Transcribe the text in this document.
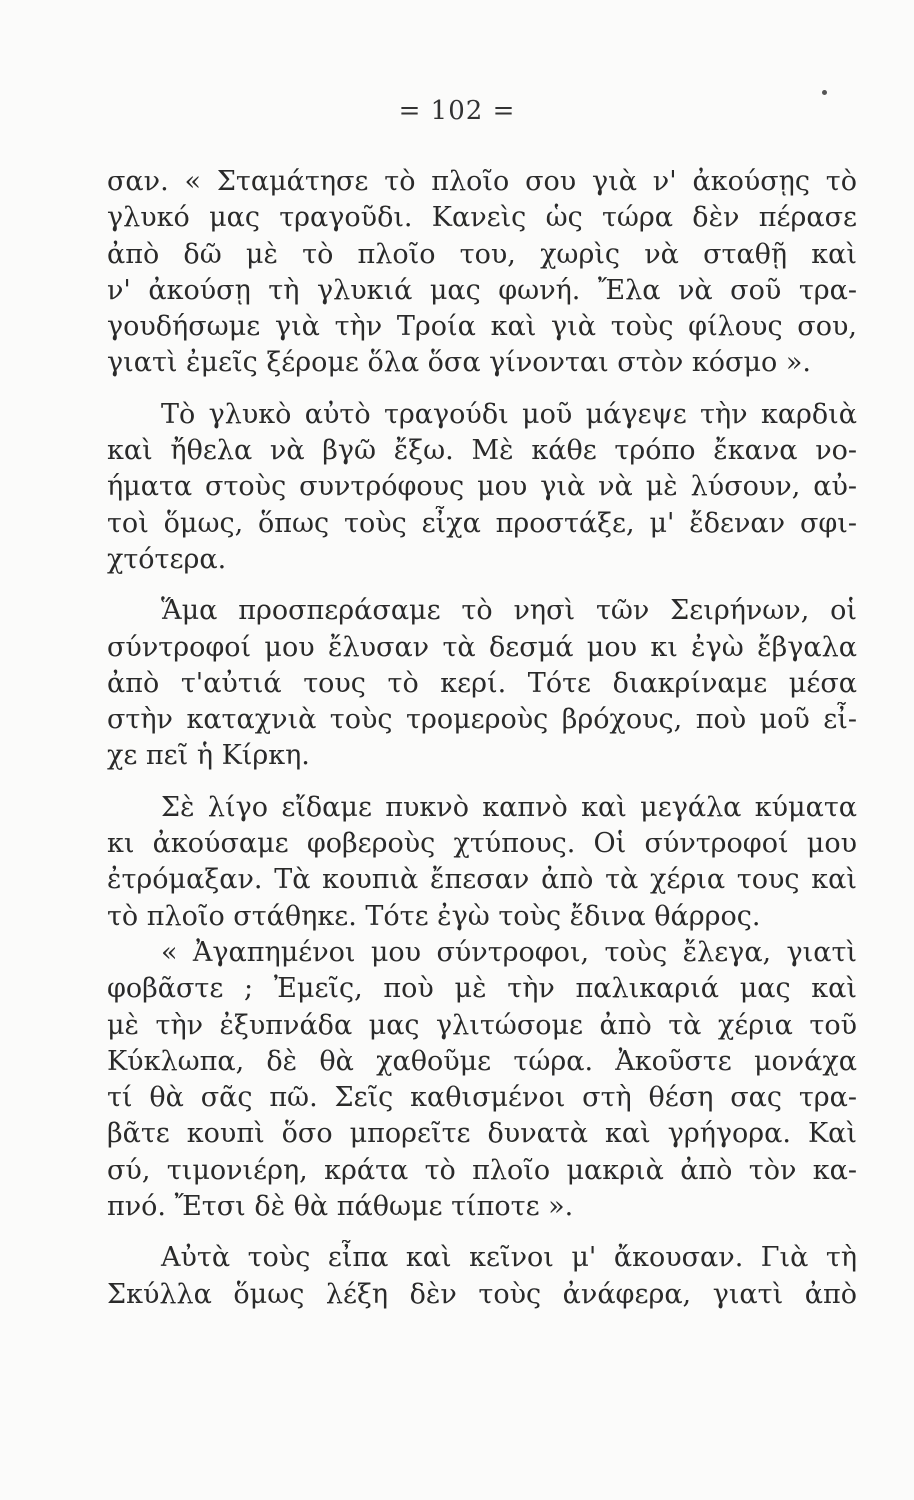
= 102 =
σαν. « Σταμάτησε τὸ πλοῖο σου γιὰ ν' ἀκούσῃς τὸ
γλυκό μας τραγοῦδι. Κανεὶς ὡς τώρα δὲν πέρασε
ἀπὸ δῶ μὲ τὸ πλοῖο του, χωρὶς νὰ σταθῇ καὶ
ν' ἀκούσῃ τὴ γλυκιά μας φωνή. Ἔλα νὰ σοῦ τρα-
γουδήσωμε γιὰ τὴν Τροία καὶ γιὰ τοὺς φίλους σου,
γιατὶ ἐμεῖς ξέρομε ὅλα ὅσα γίνονται στὸν κόσμο ».
Τὸ γλυκὸ αὐτὸ τραγούδι μοῦ μάγεψε τὴν καρδιὰ
καὶ ἤθελα νὰ βγῶ ἔξω. Μὲ κάθε τρόπο ἔκανα νο-
ήματα στοὺς συντρόφους μου γιὰ νὰ μὲ λύσουν, αὐ-
τοὶ ὅμως, ὅπως τοὺς εἶχα προστάξε, μ' ἔδεναν σφι-
χτότερα.
Ἅμα προσπεράσαμε τὸ νησὶ τῶν Σειρήνων, οἱ
σύντροφοί μου ἔλυσαν τὰ δεσμά μου κι ἐγὼ ἔβγαλα
ἀπὸ τ'αὐτιά τους τὸ κερί. Τότε διακρίναμε μέσα
στὴν καταχνιὰ τοὺς τρομεροὺς βρόχους, ποὺ μοῦ εἶ-
χε πεῖ ἡ Κίρκη.
Σὲ λίγο εἴδαμε πυκνὸ καπνὸ καὶ μεγάλα κύματα
κι ἀκούσαμε φοβεροὺς χτύπους. Οἱ σύντροφοί μου
ἐτρόμαξαν. Τὰ κουπιὰ ἔπεσαν ἀπὸ τὰ χέρια τους καὶ
τὸ πλοῖο στάθηκε. Τότε ἐγὼ τοὺς ἔδινα θάρρος.
« Ἀγαπημένοι μου σύντροφοι, τοὺς ἔλεγα, γιατὶ
φοβᾶστε ; Ἐμεῖς, ποὺ μὲ τὴν παλικαριά μας καὶ
μὲ τὴν ἐξυπνάδα μας γλιτώσομε ἀπὸ τὰ χέρια τοῦ
Κύκλωπα, δὲ θὰ χαθοῦμε τώρα. Ἀκοῦστε μονάχα
τί θὰ σᾶς πῶ. Σεῖς καθισμένοι στὴ θέση σας τρα-
βᾶτε κουπὶ ὅσο μπορεῖτε δυνατὰ καὶ γρήγορα. Καὶ
σύ, τιμονιέρη, κράτα τὸ πλοῖο μακριὰ ἀπὸ τὸν κα-
πνό. Ἔτσι δὲ θὰ πάθωμε τίποτε ».
Αὐτὰ τοὺς εἶπα καὶ κεῖνοι μ' ἄκουσαν. Γιὰ τὴ
Σκύλλα ὅμως λέξη δὲν τοὺς ἀνάφερα, γιατὶ ἀπὸ
